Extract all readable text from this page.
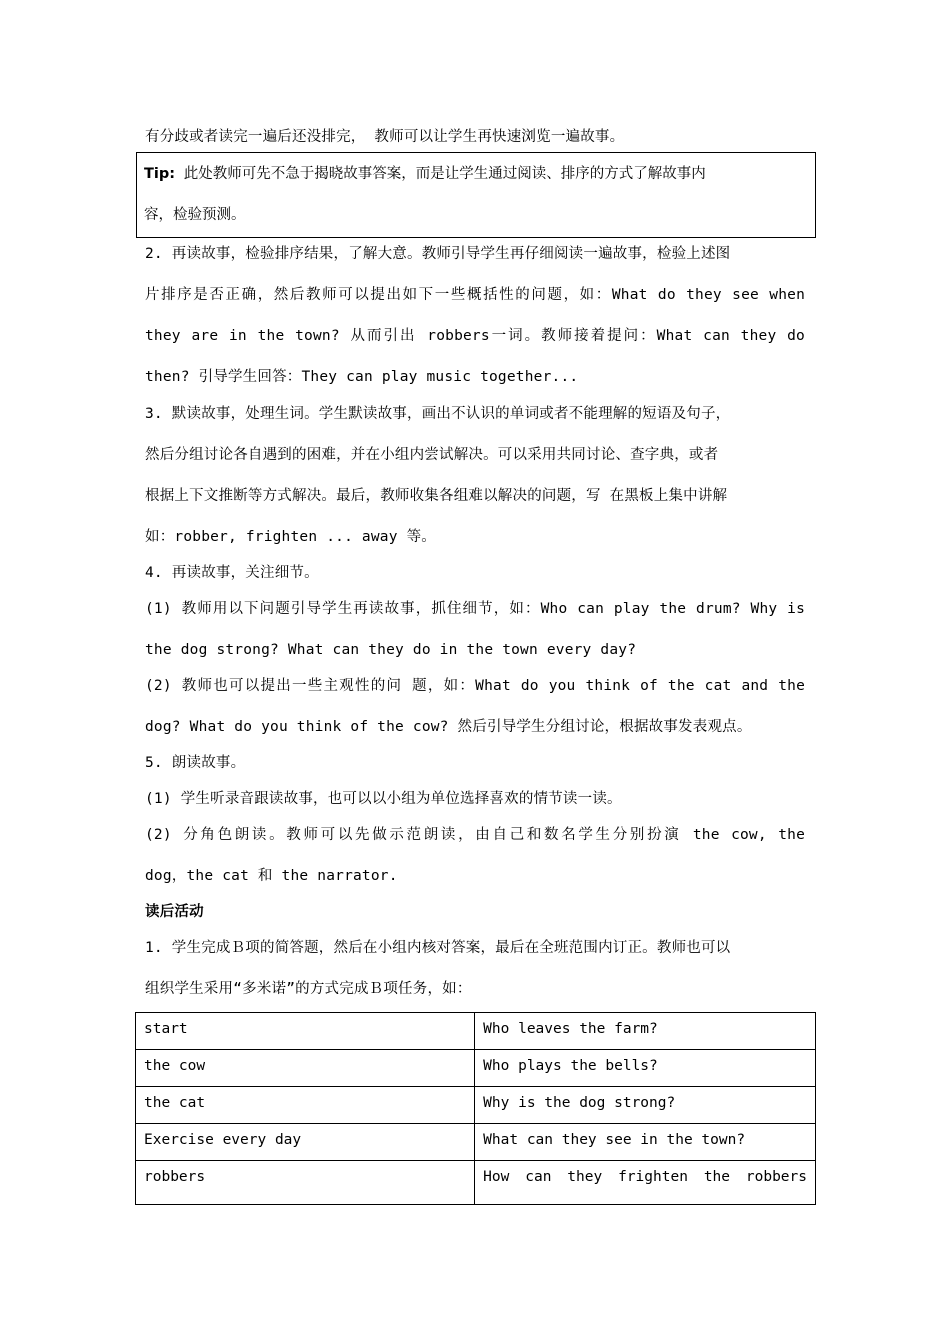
有分歧或者读完一遍后还没排完， 教师可以让学生再快速浏览一遍故事。
Tip: 此处教师可先不急于揭晓故事答案，而是让学生通过阅读、排序的方式了解故事内
容，检验预测。
2. 再读故事，检验排序结果，了解大意。教师引导学生再仔细阅读一遍故事，检验上述图
片排序是否正确，然后教师可以提出如下一些概括性的问题，如：What do they see when
they are in the town? 从而引出 robbers一词。教师接着提问：What can they do
then? 引导学生回答：They can play music together...
3. 默读故事，处理生词。学生默读故事，画出不认识的单词或者不能理解的短语及句子，
然后分组讨论各自遇到的困难，并在小组内尝试解决。可以采用共同讨论、查字典，或者
根据上下文推断等方式解决。最后，教师收集各组难以解决的问题，写 在黑板上集中讲解
如：robber, frighten ... away 等。
4. 再读故事，关注细节。
(1) 教师用以下问题引导学生再读故事，抓住细节，如：Who can play the drum? Why is
the dog strong? What can they do in the town every day?
(2) 教师也可以提出一些主观性的问 题，如：What do you think of the cat and the
dog? What do you think of the cow? 然后引导学生分组讨论，根据故事发表观点。
5. 朗读故事。
(1) 学生听录音跟读故事，也可以以小组为单位选择喜欢的情节读一读。
(2) 分角色朗读。教师可以先做示范朗读，由自己和数名学生分别扮演 the cow, the
dog，the cat 和 the narrator.
读后活动
1. 学生完成Ｂ项的简答题，然后在小组内核对答案，最后在全班范围内订正。教师也可以
组织学生采用“多米诺”的方式完成Ｂ项任务，如：
start	Who leaves the farm?
the cow	Who plays the bells?
the cat	Why is the dog strong?
Exercise every day	What can they see in the town?
robbers	How can they frighten the robbers
